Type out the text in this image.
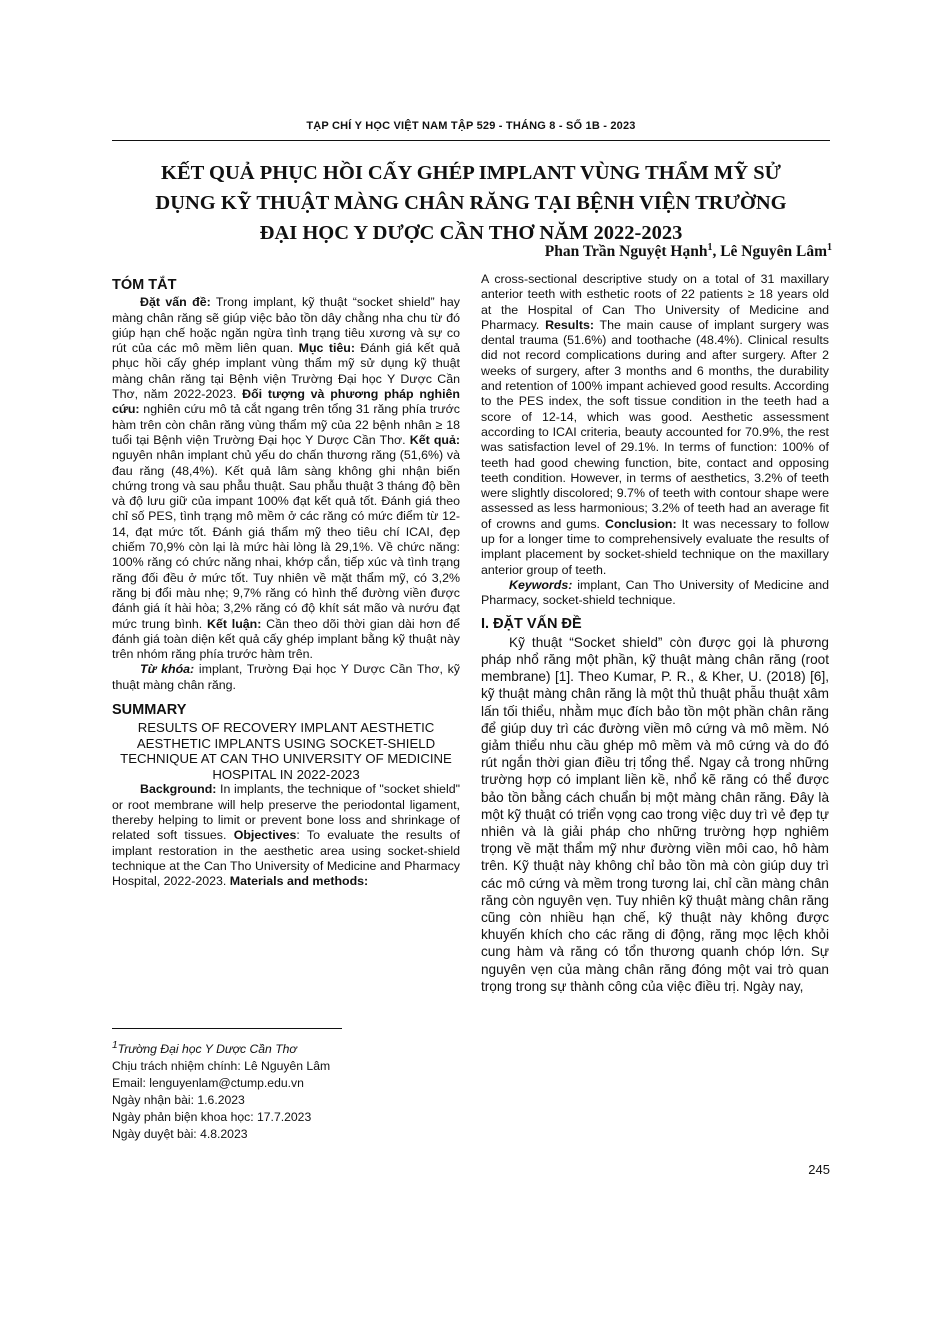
TẠP CHÍ Y HỌC VIỆT NAM TẬP 529 - THÁNG 8 - SỐ 1B - 2023
KẾT QUẢ PHỤC HỒI CẤY GHÉP IMPLANT VÙNG THẨM MỸ SỬ DỤNG KỸ THUẬT MÀNG CHÂN RĂNG TẠI BỆNH VIỆN TRƯỜNG ĐẠI HỌC Y DƯỢC CẦN THƠ NĂM 2022-2023
Phan Trần Nguyệt Hạnh$^1$, Lê Nguyên Lâm$^1$

TÓM TẮT

Đặt vấn đề: Trong implant, kỹ thuật “socket shield” hay màng chân răng sẽ giúp việc bảo tồn dây chằng nha chu từ đó giúp hạn chế hoặc ngăn ngừa tình trạng tiêu xương và sự co rút của các mô mềm liên quan. Mục tiêu: Đánh giá kết quả phục hồi cấy ghép implant vùng thẩm mỹ sử dụng kỹ thuật màng chân răng tại Bệnh viện Trường Đại học Y Dược Cần Thơ, năm 2022-2023. Đối tượng và phương pháp nghiên cứu: nghiên cứu mô tả cắt ngang trên tổng 31 răng phía trước hàm trên còn chân răng vùng thẩm mỹ của 22 bệnh nhân ≥ 18 tuổi tại Bệnh viện Trường Đại học Y Dược Cần Thơ. Kết quả: nguyên nhân implant chủ yếu do chấn thương răng (51,6%) và đau răng (48,4%). Kết quả lâm sàng không ghi nhận biến chứng trong và sau phẫu thuật. Sau phẫu thuật 3 tháng độ bền và độ lưu giữ của impant 100% đạt kết quả tốt. Đánh giá theo chỉ số PES, tình trạng mô mềm ở các răng có mức điểm từ 12-14, đạt mức tốt. Đánh giá thẩm mỹ theo tiêu chí ICAI, đẹp chiếm 70,9% còn lại là mức hài lòng là 29,1%. Về chức năng: 100% răng có chức năng nhai, khớp cắn, tiếp xúc và tình trạng răng đối đều ở mức tốt. Tuy nhiên về mặt thẩm mỹ, có 3,2% răng bị đổi màu nhẹ; 9,7% răng có hình thể đường viền được đánh giá ít hài hòa; 3,2% răng có độ khít sát mão và nướu đạt mức trung bình. Kết luận: Cần theo dõi thời gian dài hơn để đánh giá toàn diện kết quả cấy ghép implant bằng kỹ thuật này trên nhóm răng phía trước hàm trên.

Từ khóa: implant, Trường Đại học Y Dược Cần Thơ, kỹ thuật màng chân răng.

SUMMARY

RESULTS OF RECOVERY IMPLANT AESTHETIC AESTHETIC IMPLANTS USING SOCKET-SHIELD TECHNIQUE AT CAN THO UNIVERSITY OF MEDICINE HOSPITAL IN 2022-2023

Background: In implants, the technique of "socket shield" or root membrane will help preserve the periodontal ligament, thereby helping to limit or prevent bone loss and shrinkage of related soft tissues. Objectives: To evaluate the results of implant restoration in the aesthetic area using socket-shield technique at the Can Tho University of Medicine and Pharmacy Hospital, 2022-2023. Materials and methods:

$^1$Trường Đại học Y Dược Cần Thơ
Chịu trách nhiệm chính: Lê Nguyên Lâm
Email: lenguyenlam@ctump.edu.vn
Ngày nhận bài: 1.6.2023
Ngày phản biện khoa học: 17.7.2023
Ngày duyệt bài: 4.8.2023

A cross-sectional descriptive study on a total of 31 maxillary anterior teeth with esthetic roots of 22 patients ≥ 18 years old at the Hospital of Can Tho University of Medicine and Pharmacy. Results: The main cause of implant surgery was dental trauma (51.6%) and toothache (48.4%). Clinical results did not record complications during and after surgery. After 2 weeks of surgery, after 3 months and 6 months, the durability and retention of 100% impant achieved good results. According to the PES index, the soft tissue condition in the teeth had a score of 12-14, which was good. Aesthetic assessment according to ICAI criteria, beauty accounted for 70.9%, the rest was satisfaction level of 29.1%. In terms of function: 100% of teeth had good chewing function, bite, contact and opposing teeth condition. However, in terms of aesthetics, 3.2% of teeth were slightly discolored; 9.7% of teeth with contour shape were assessed as less harmonious; 3.2% of teeth had an average fit of crowns and gums. Conclusion: It was necessary to follow up for a longer time to comprehensively evaluate the results of implant placement by socket-shield technique on the maxillary anterior group of teeth.

Keywords: implant, Can Tho University of Medicine and Pharmacy, socket-shield technique.

I. ĐẶT VẤN ĐỀ

Kỹ thuật “Socket shield” còn được gọi là phương pháp nhổ răng một phần, kỹ thuật màng chân răng (root membrane) [1]. Theo Kumar, P. R., & Kher, U. (2018) [6], kỹ thuật màng chân răng là một thủ thuật phẫu thuật xâm lấn tối thiểu, nhằm mục đích bảo tồn một phần chân răng để giúp duy trì các đường viền mô cứng và mô mềm. Nó giảm thiểu nhu cầu ghép mô mềm và mô cứng và do đó rút ngắn thời gian điều trị tổng thể. Ngay cả trong những trường hợp có implant liền kề, nhổ kẽ răng có thể được bảo tồn bằng cách chuẩn bị một màng chân răng. Đây là một kỹ thuật có triển vọng cao trong việc duy trì vẻ đẹp tự nhiên và là giải pháp cho những trường hợp nghiêm trọng về mặt thẩm mỹ như đường viền môi cao, hô hàm trên. Kỹ thuật này không chỉ bảo tồn mà còn giúp duy trì các mô cứng và mềm trong tương lai, chỉ cần màng chân răng còn nguyên vẹn. Tuy nhiên kỹ thuật màng chân răng cũng còn nhiều hạn chế, kỹ thuật này không được khuyến khích cho các răng di động, răng mọc lệch khỏi cung hàm và răng có tổn thương quanh chóp lớn. Sự nguyên vẹn của màng chân răng đóng một vai trò quan trọng trong sự thành công của việc điều trị. Ngày nay,

245
